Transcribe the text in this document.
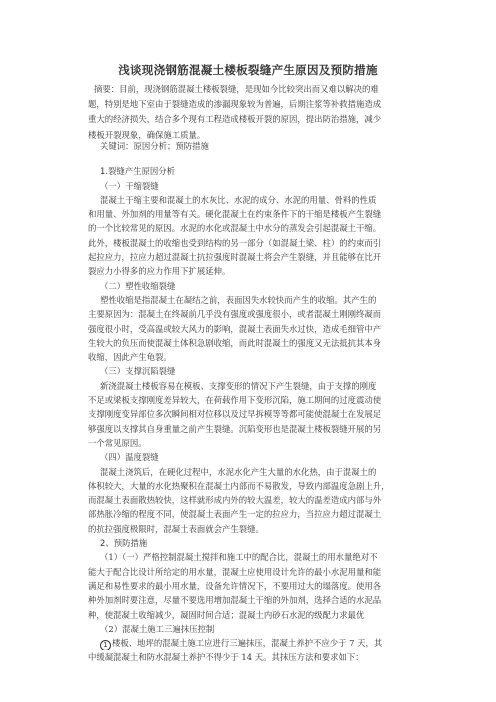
浅谈现浇钢筋混凝土楼板裂缝产生原因及预防措施
摘要：目前，现浇钢筋混凝土楼板裂缝，是现如今比较突出而又难以解决的难
题，特别是地下室由于裂缝造成的渗漏现象较为普遍，后期注浆等补救措施造成
重大的经济损失，结合多个现有工程造成楼板开裂的原因，提出防治措施，减少
楼板开裂现象，确保施工质量。
关键词：原因分析；预防措施
1.裂缝产生原因分析
（一）干缩裂缝
混凝土干缩主要和混凝土的水灰比、水泥的成分、水泥的用量、骨料的性质
和用量、外加剂的用量等有关。硬化混凝土在约束条件下的干缩是楼板产生裂缝
的一个比较常见的原因。水泥的水化或混凝土中水分的蒸发会引起混凝土干缩。
此外，楼板混凝土的收缩也受到结构的另一部分（如混凝土梁、柱）的约束而引
起拉应力，拉应力超过混凝土抗拉强度时混凝土将会产生裂缝，并且能够在比开
裂应力小得多的应力作用下扩展延伸。
（二）塑性收缩裂缝
塑性收缩是指混凝土在凝结之前，表面因失水较快而产生的收缩。其产生的
主要原因为：混凝土在终凝前几乎没有强度或强度很小，或者混凝土刚刚终凝而
强度很小时，受高温或较大风力的影响，混凝土表面失水过快，造成毛细管中产
生较大的负压而使混凝土体积急剧收缩，而此时混凝土的强度又无法抵抗其本身
收缩，因此产生龟裂。
（三）支撑沉陷裂缝
新浇混凝土楼板容易在模板、支撑变形的情况下产生裂缝，由于支撑的刚度
不足或梁板支撑刚度差异较大，在荷载作用下变形沉陷，施工期间的过度震动使
支撑刚度变异部位多次瞬间相对位移以及过早拆模等等都可能使混凝土在发展足
够强度以支撑其自身重量之前产生裂缝。沉陷变形也是混凝土楼板裂缝开展的另
一个常见原因。
（四）温度裂缝
混凝土浇筑后，在硬化过程中，水泥水化产生大量的水化热，由于混凝土的
体积较大，大量的水化热聚积在混凝土内部而不易散发，导致内部温度急剧上升，
而混凝土表面散热较快，这样就形成内外的较大温差，较大的温差造成内部与外
部热胀冷缩的程度不同，使混凝土表面产生一定的拉应力，当拉应力超过混凝土
的抗拉强度极限时，混凝土表面就会产生裂缝。
2、预防措施
（1）（一）严格控制混凝土搅拌和施工中的配合比，混凝土的用水量绝对不
能大于配合比设计所给定的用水量，混凝土应使用设计允许的最小水泥用量和能
满足和易性要求的最小用水量，设备允许情况下，不要用过大的塌落度。使用各
种外加剂时要注意，尽量不要选用增加混凝土干缩的外加剂，选择合适的水泥品
种，使混凝土收缩减少，凝固时间合适；混凝土内砂石水泥的级配力求最优
（2）混凝土施工三遍抹压控制
1 楼板、地坪的混凝土施工应进行三遍抹压，混凝土养护不应少于 7 天，其
中缓凝混凝土和防水混凝土养护不得少于 14 天。其抹压方法和要求如下：
